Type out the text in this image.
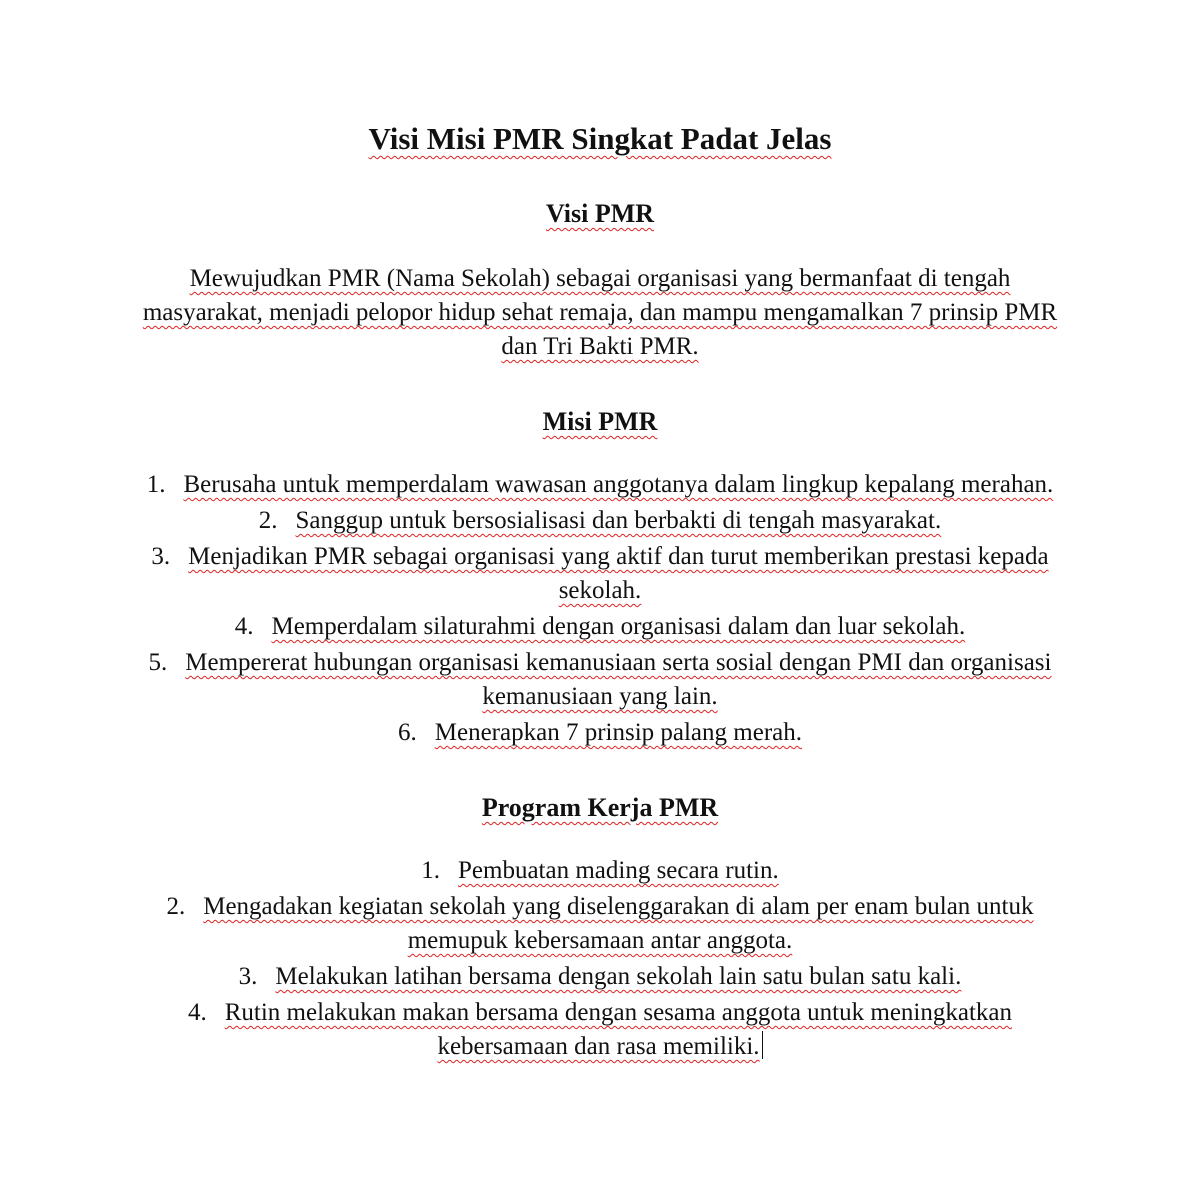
Visi Misi PMR Singkat Padat Jelas
Visi PMR

Mewujudkan PMR (Nama Sekolah) sebagai organisasi yang bermanfaat di tengah masyarakat, menjadi pelopor hidup sehat remaja, dan mampu mengamalkan 7 prinsip PMR dan Tri Bakti PMR.

Misi PMR
1. Berusaha untuk memperdalam wawasan anggotanya dalam lingkup kepalang merahan.
2. Sanggup untuk bersosialisasi dan berbakti di tengah masyarakat.
3. Menjadikan PMR sebagai organisasi yang aktif dan turut memberikan prestasi kepada sekolah.
4. Memperdalam silaturahmi dengan organisasi dalam dan luar sekolah.
5. Mempererat hubungan organisasi kemanusiaan serta sosial dengan PMI dan organisasi kemanusiaan yang lain.
6. Menerapkan 7 prinsip palang merah.
Program Kerja PMR
1. Pembuatan mading secara rutin.
2. Mengadakan kegiatan sekolah yang diselenggarakan di alam per enam bulan untuk memupuk kebersamaan antar anggota.
3. Melakukan latihan bersama dengan sekolah lain satu bulan satu kali.
4. Rutin melakukan makan bersama dengan sesama anggota untuk meningkatkan kebersamaan dan rasa memiliki.
